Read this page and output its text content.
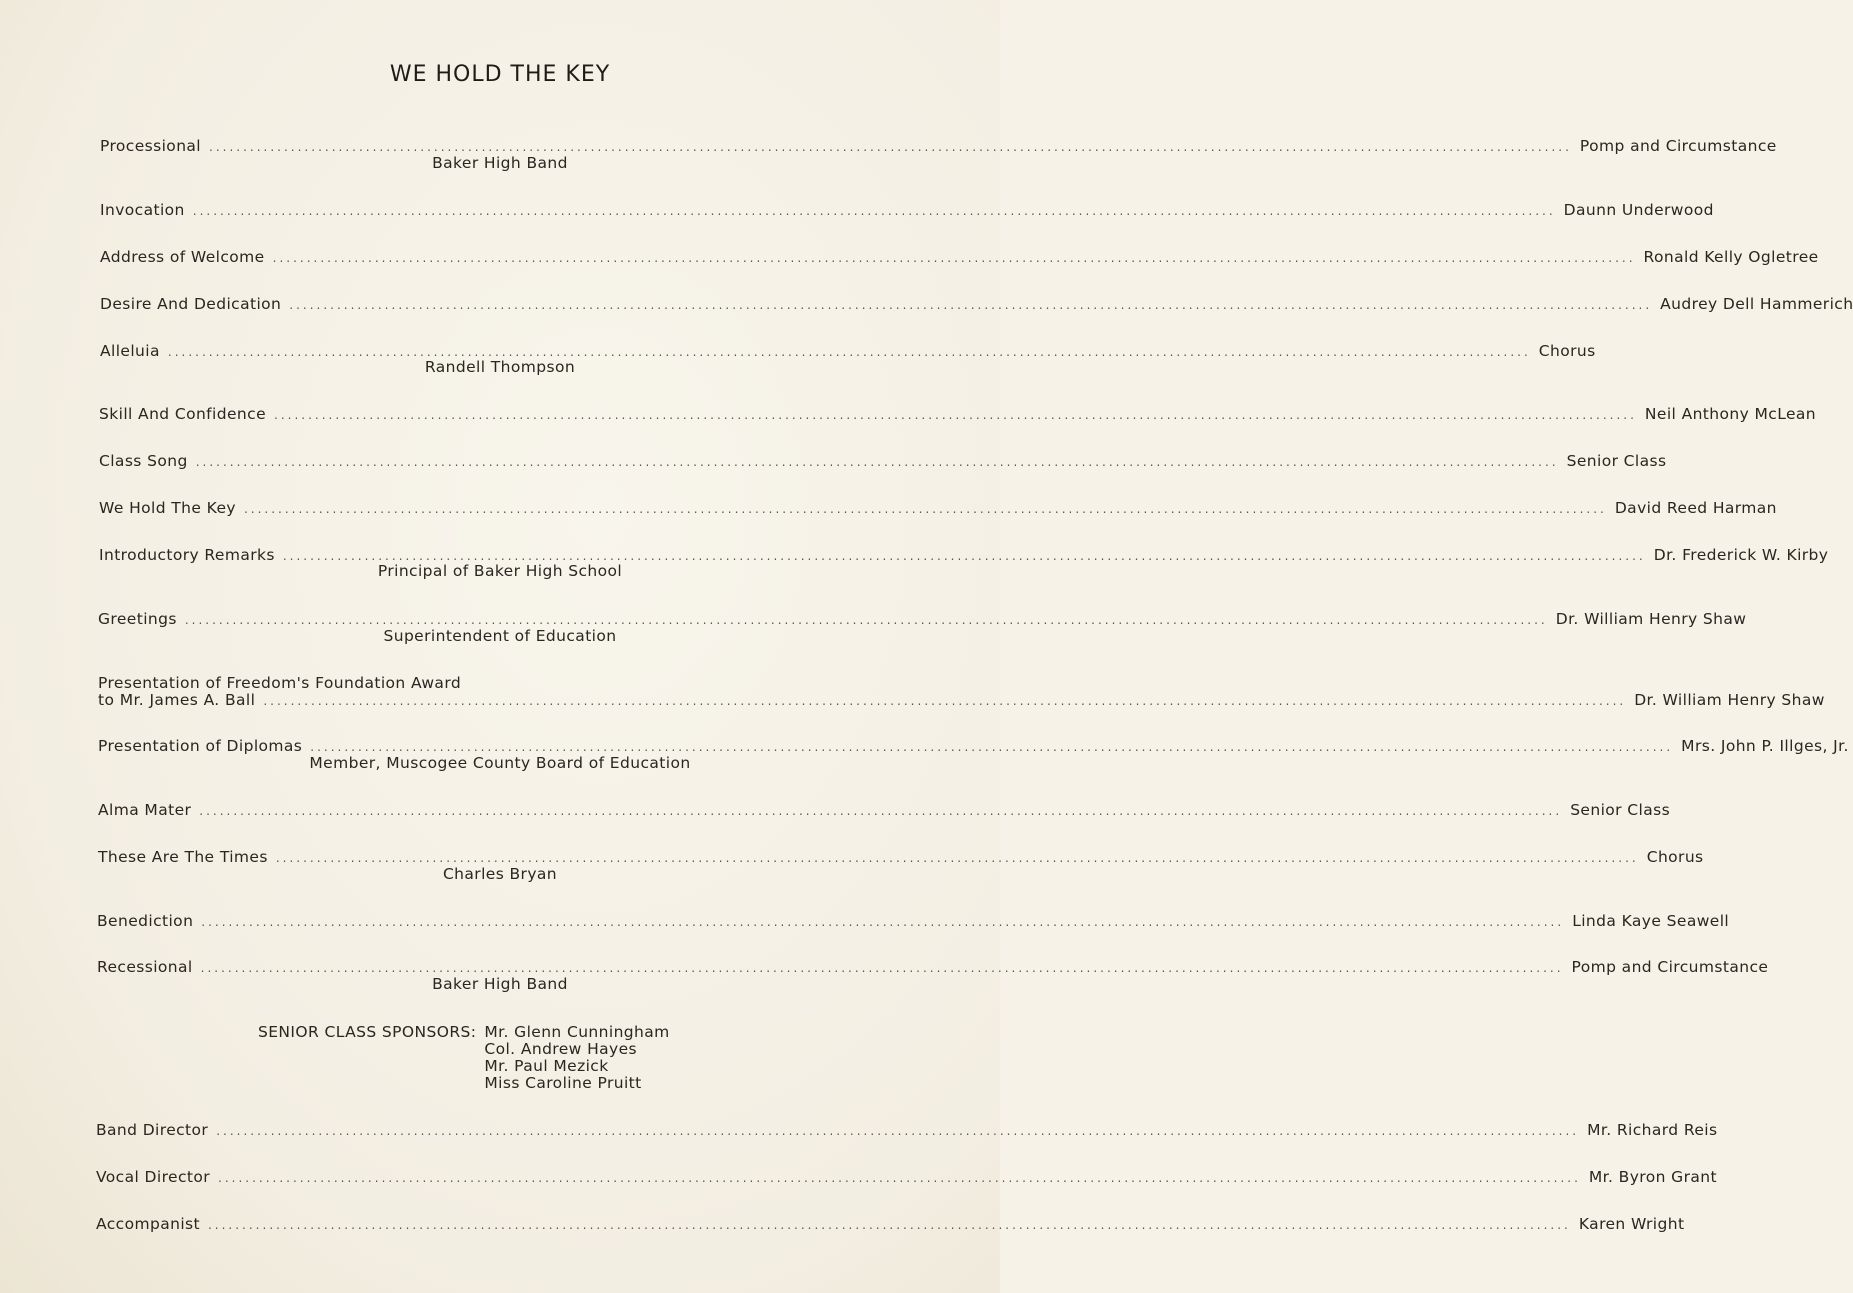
WE HOLD THE KEY
Processional ........................................................................................................................................................................................................ Pomp and Circumstance
Baker High Band
Invocation ........................................................................................................................................................................................................ Daunn Underwood
Address of Welcome ........................................................................................................................................................................................................ Ronald Kelly Ogletree
Desire And Dedication ........................................................................................................................................................................................................ Audrey Dell Hammerich
Alleluia ........................................................................................................................................................................................................ Chorus
Randell Thompson
Skill And Confidence ........................................................................................................................................................................................................ Neil Anthony McLean
Class Song ........................................................................................................................................................................................................ Senior Class
We Hold The Key ........................................................................................................................................................................................................ David Reed Harman
Introductory Remarks ........................................................................................................................................................................................................ Dr. Frederick W. Kirby
Principal of Baker High School
Greetings ........................................................................................................................................................................................................ Dr. William Henry Shaw
Superintendent of Education
Presentation of Freedom's Foundation Award
to Mr. James A. Ball ........................................................................................................................................................................................................ Dr. William Henry Shaw
Presentation of Diplomas ........................................................................................................................................................................................................ Mrs. John P. Illges, Jr.
Member, Muscogee County Board of Education
Alma Mater ........................................................................................................................................................................................................ Senior Class
These Are The Times ........................................................................................................................................................................................................ Chorus
Charles Bryan
Benediction ........................................................................................................................................................................................................ Linda Kaye Seawell
Recessional ........................................................................................................................................................................................................ Pomp and Circumstance
Baker High Band
SENIOR CLASS SPONSORS: Mr. Glenn Cunningham
Col. Andrew Hayes
Mr. Paul Mezick
Miss Caroline Pruitt
Band Director ........................................................................................................................................................................................................ Mr. Richard Reis
Vocal Director ........................................................................................................................................................................................................ Mr. Byron Grant
Accompanist ........................................................................................................................................................................................................ Karen Wright
